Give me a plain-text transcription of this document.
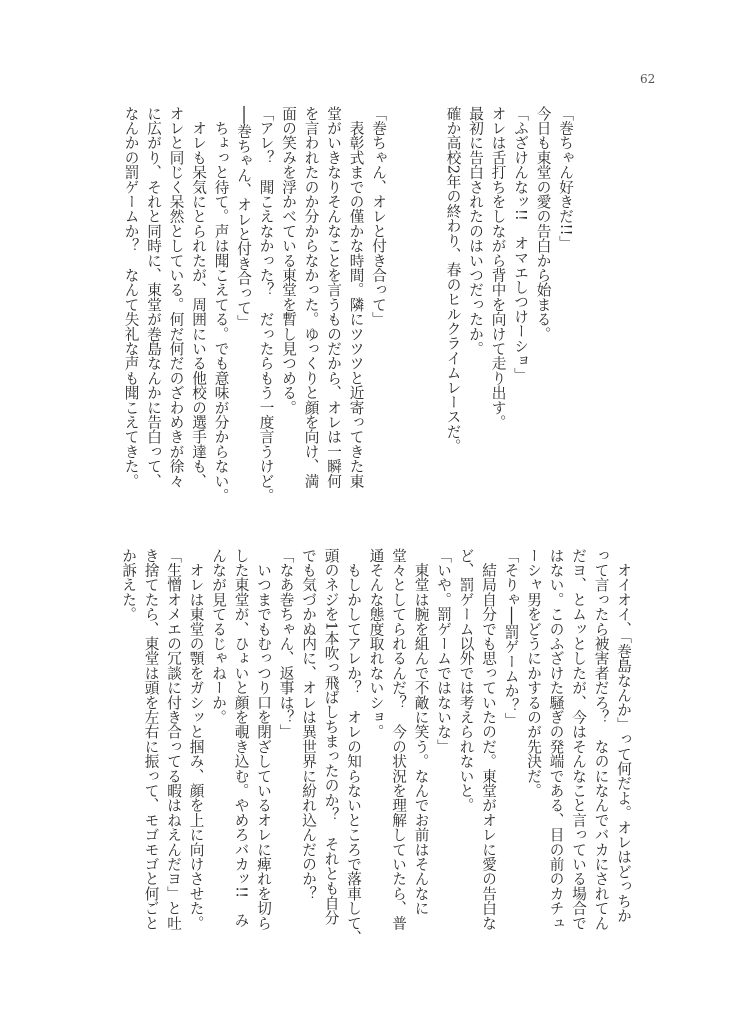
62
「巻ちゃん好きだ!!」
今日も東堂の愛の告白から始まる。
「ふざけんなッ!!　オマエしつけーショ」
オレは舌打ちをしながら背中を向けて走り出す。
最初に告白されたのはいつだったか。
確か高校2年の終わり、春のヒルクライムレースだ。
「巻ちゃん、オレと付き合って」
　表彰式までの僅かな時間。隣にツツツと近寄ってきた東
堂がいきなりそんなことを言うものだから、オレは一瞬何
を言われたのか分からなかった。ゆっくりと顔を向け、満
面の笑みを浮かべている東堂を暫し見つめる。
「アレ？　聞こえなかった？　だったらもう一度言うけど。
──巻ちゃん、オレと付き合って」
　ちょっと待て。声は聞こえてる。でも意味が分からない。
　オレも呆気にとられたが、周囲にいる他校の選手達も、
オレと同じく呆然としている。何だ何だのざわめきが徐々
に広がり、それと同時に、東堂が巻島なんかに告白って、
なんかの罰ゲームか？　なんて失礼な声も聞こえてきた。
　オイオイ、「巻島なんか」って何だよ。オレはどっちか
って言ったら被害者だろ？　なのになんでバカにされてん
だヨ、とムッとしたが、今はそんなこと言っている場合で
はない。このふざけた騒ぎの発端である、目の前のカチュ
ーシャ男をどうにかするのが先決だ。
「そりゃ──罰ゲームか？」
　結局自分でも思っていたのだ。東堂がオレに愛の告白な
ど、罰ゲーム以外では考えられないと。
「いや。罰ゲームではないな」
　東堂は腕を組んで不敵に笑う。なんでお前はそんなに
堂々としてられるんだ？　今の状況を理解していたら、普
通そんな態度取れないショ。
　もしかしてアレか？　オレの知らないところで落車して、
頭のネジを1本吹っ飛ばしちまったのか？　それとも自分
でも気づかぬ内に、オレは異世界に紛れ込んだのか？
「なあ巻ちゃん、返事は？」
　いつまでもむっつり口を閉ざしているオレに痺れを切ら
した東堂が、ひょいと顔を覗き込む。やめろバカッ!!　み
んなが見てるじゃねーか。
　オレは東堂の顎をガシッと掴み、顔を上に向けさせた。
「生憎オメエの冗談に付き合ってる暇はねえんだヨ」と吐
き捨てたら、東堂は頭を左右に振って、モゴモゴと何ごと
か訴えた。
